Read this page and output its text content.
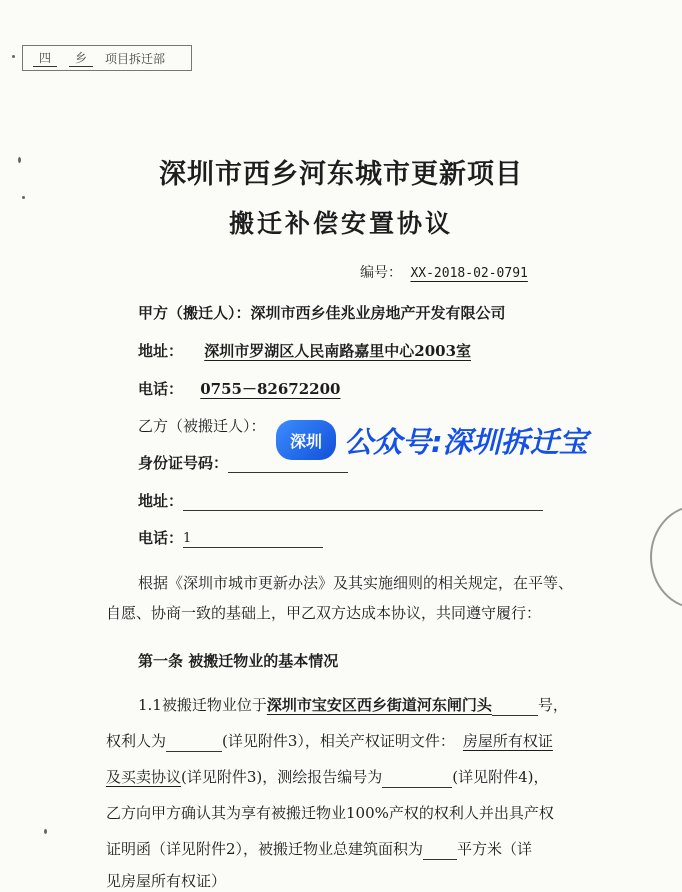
四	乡	项目拆迁部
深圳市西乡河东城市更新项目
搬迁补偿安置协议
编号： XX-2018-02-0791
甲方（搬迁人）：深圳市西乡佳兆业房地产开发有限公司
地址： 深圳市罗湖区人民南路嘉里中心2003室
电话： 0755－82672200
乙方（被搬迁人）：
身份证号码：
地址：
电话：1
深圳 公众号:深圳拆迁宝
根据《深圳市城市更新办法》及其实施细则的相关规定，在平等、
自愿、协商一致的基础上，甲乙双方达成本协议，共同遵守履行：
第一条 被搬迁物业的基本情况
1.1被搬迁物业位于深圳市宝安区西乡街道河东闸门头	号，
权利人为	(详见附件3），相关产权证明文件： 房屋所有权证
及买卖协议(详见附件3)，测绘报告编号为	(详见附件4)，
乙方向甲方确认其为享有被搬迁物业100%产权的权利人并出具产权
证明函（详见附件2），被搬迁物业总建筑面积为 平方米（详
见房屋所有权证）
